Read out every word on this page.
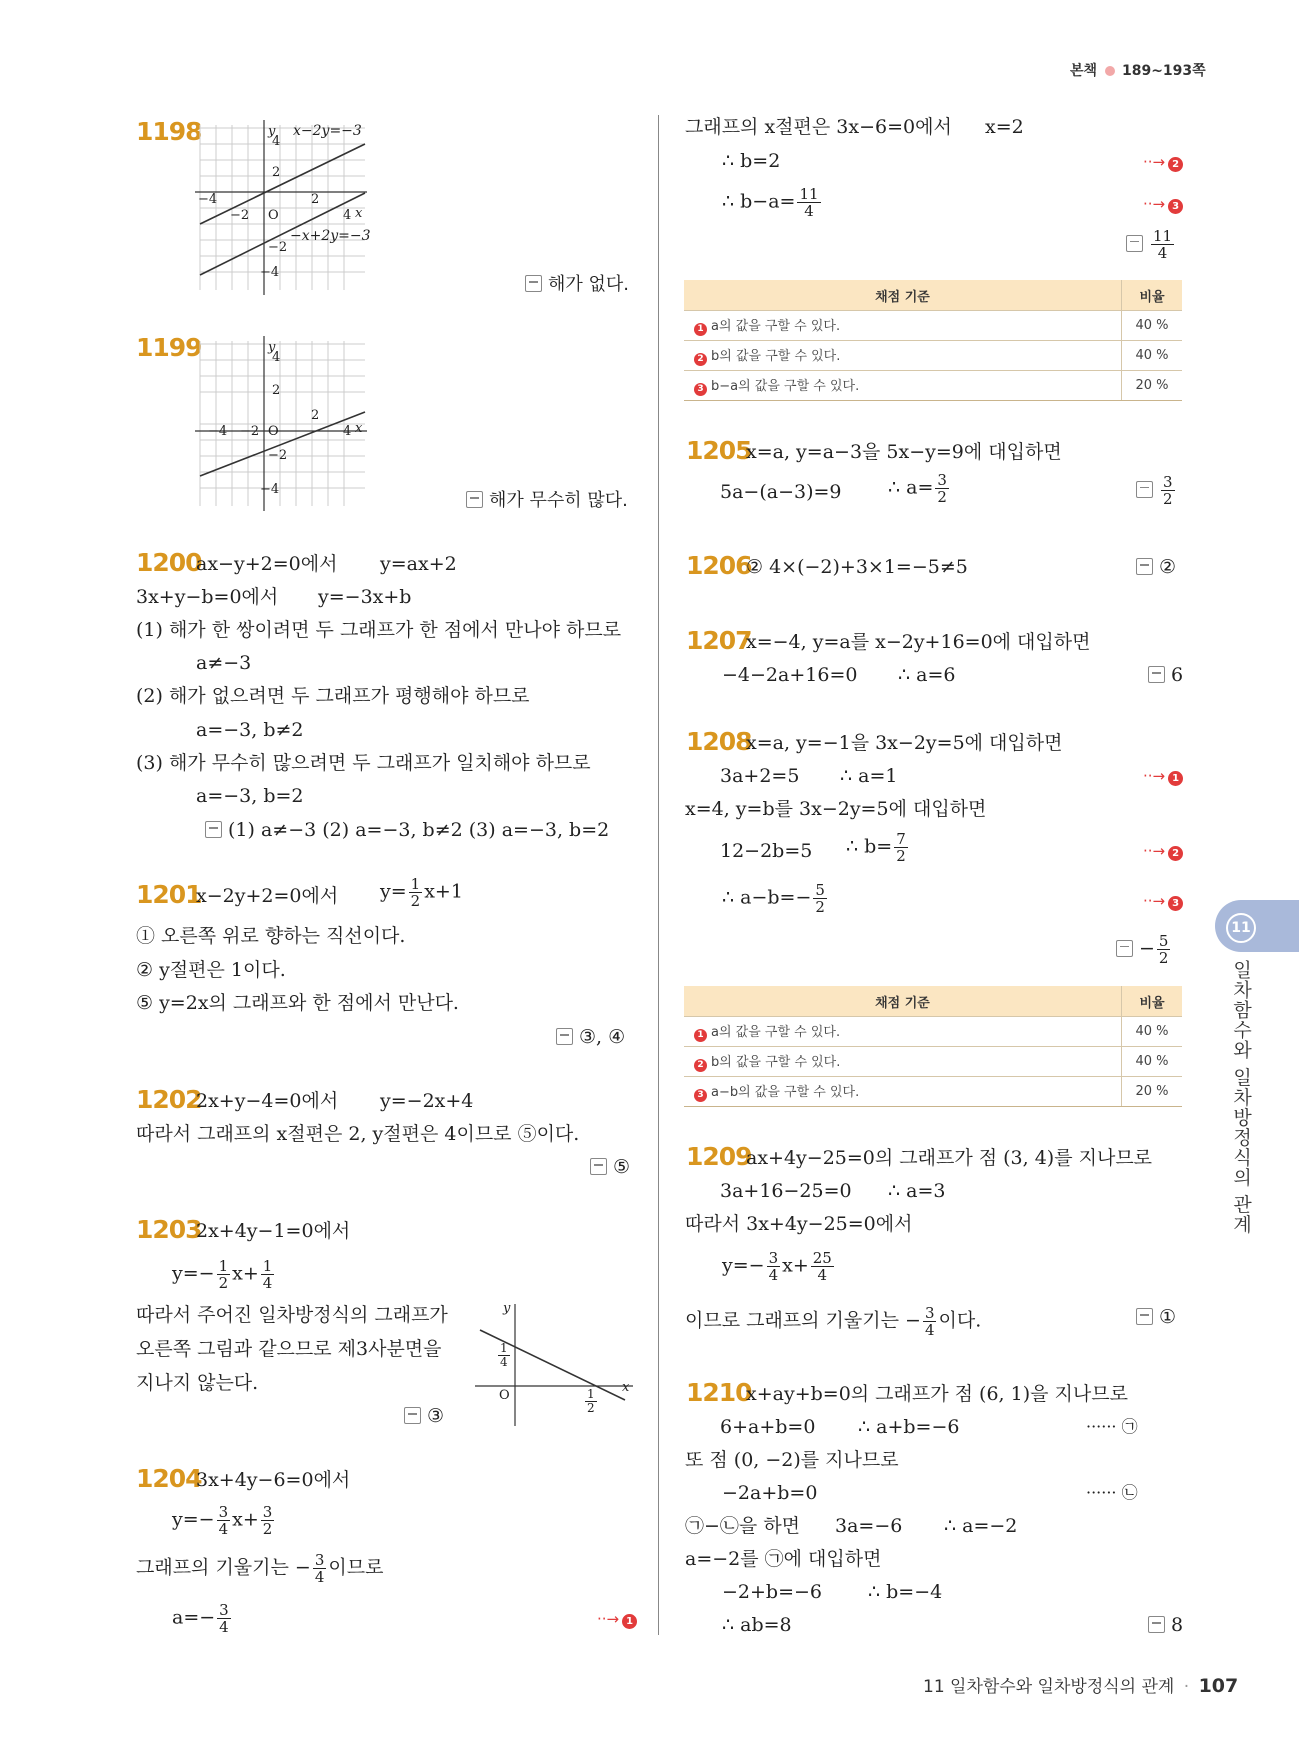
본책 189~193쪽
1198	y
4
2
−4
−2 O
2
4 x
−2
−4
x−2y=−3
−x+2y=−3
해가 없다.
1199	y
4
2
−4 −2 O
2
4 x
−2
−4
해가 무수히 많다.
1200
ax−y+2=0에서 y=ax+2
3x+y−b=0에서 y=−3x+b
(1) 해가 한 쌍이려면 두 그래프가 한 점에서 만나야 하므로
a≠−3
(2) 해가 없으려면 두 그래프가 평행해야 하므로
a=−3, b≠2
(3) 해가 무수히 많으려면 두 그래프가 일치해야 하므로
a=−3, b=2
(1) a≠−3 (2) a=−3, b≠2 (3) a=−3, b=2
1201
x−2y+2=0에서 $y= \frac{1}{2} x+1$
① 오른쪽 위로 향하는 직선이다.
② y절편은 1이다.
⑤ y=2x의 그래프와 한 점에서 만난다.
③, ④
1202
2x+y−4=0에서 y=−2x+4
따라서 그래프의 x절편은 2, y절편은 4이므로 ⑤이다.
⑤
1203
2x+4y−1=0에서
$y=- \frac{1}{2} x+ \frac{1}{4}$
따라서 주어진 일차방정식의 그래프가
오른쪽 그림과 같으므로 제3사분면을
지나지 않는다.
③
y
x
O
$\frac{1}{4}$
$\frac{1}{2}$
1204
3x+4y−6=0에서
$y=- \frac{3}{4} x+ \frac{3}{2}$
그래프의 기울기는 − $\frac{3}{4}$ 이므로
$a=- \frac{3}{4}$	··→ 1
그래프의 x절편은 3x−6=0에서 x=2
∴ b=2	··→ 2
∴ $b-a= \frac{11}{4}$	··→ 3
$\frac{11}{4}$
채점 기준	비율
1 a의 값을 구할 수 있다.	40 %
2 b의 값을 구할 수 있다.	40 %
3 b−a의 값을 구할 수 있다.	20 %
1205
x=a, y=a−3을 5x−y=9에 대입하면
5a−(a−3)=9 ∴ $a= \frac{3}{2}$	$\frac{3}{2}$
1206
② 4×(−2)+3×1=−5≠5	②
1207
x=−4, y=a를 x−2y+16=0에 대입하면
−4−2a+16=0 ∴ a=6	6
1208
x=a, y=−1을 3x−2y=5에 대입하면
3a+2=5 ∴ a=1	··→ 1
x=4, y=b를 3x−2y=5에 대입하면
12−2b=5 ∴ $b= \frac{7}{2}$	··→ 2
∴ $a-b=- \frac{5}{2}$	··→ 3
− $\frac{5}{2}$
채점 기준	비율
1 a의 값을 구할 수 있다.	40 %
2 b의 값을 구할 수 있다.	40 %
3 a−b의 값을 구할 수 있다.	20 %
1209
ax+4y−25=0의 그래프가 점 (3, 4)를 지나므로
3a+16−25=0 ∴ a=3
따라서 3x+4y−25=0에서
$y=- \frac{3}{4} x+ \frac{25}{4}$
이므로 그래프의 기울기는 − $\frac{3}{4}$ 이다.	①
1210
x+ay+b=0의 그래프가 점 (6, 1)을 지나므로
6+a+b=0 ∴ a+b=−6	······ ㉠
또 점 (0, −2)를 지나므로
−2a+b=0	······ ㉡
㉠−㉡을 하면 3a=−6 ∴ a=−2
a=−2를 ㉠에 대입하면
−2+b=−6 ∴ b=−4
∴ ab=8	8
11
일차함수와 일차방정식의 관계
11 일차함수와 일차방정식의 관계 · 107
